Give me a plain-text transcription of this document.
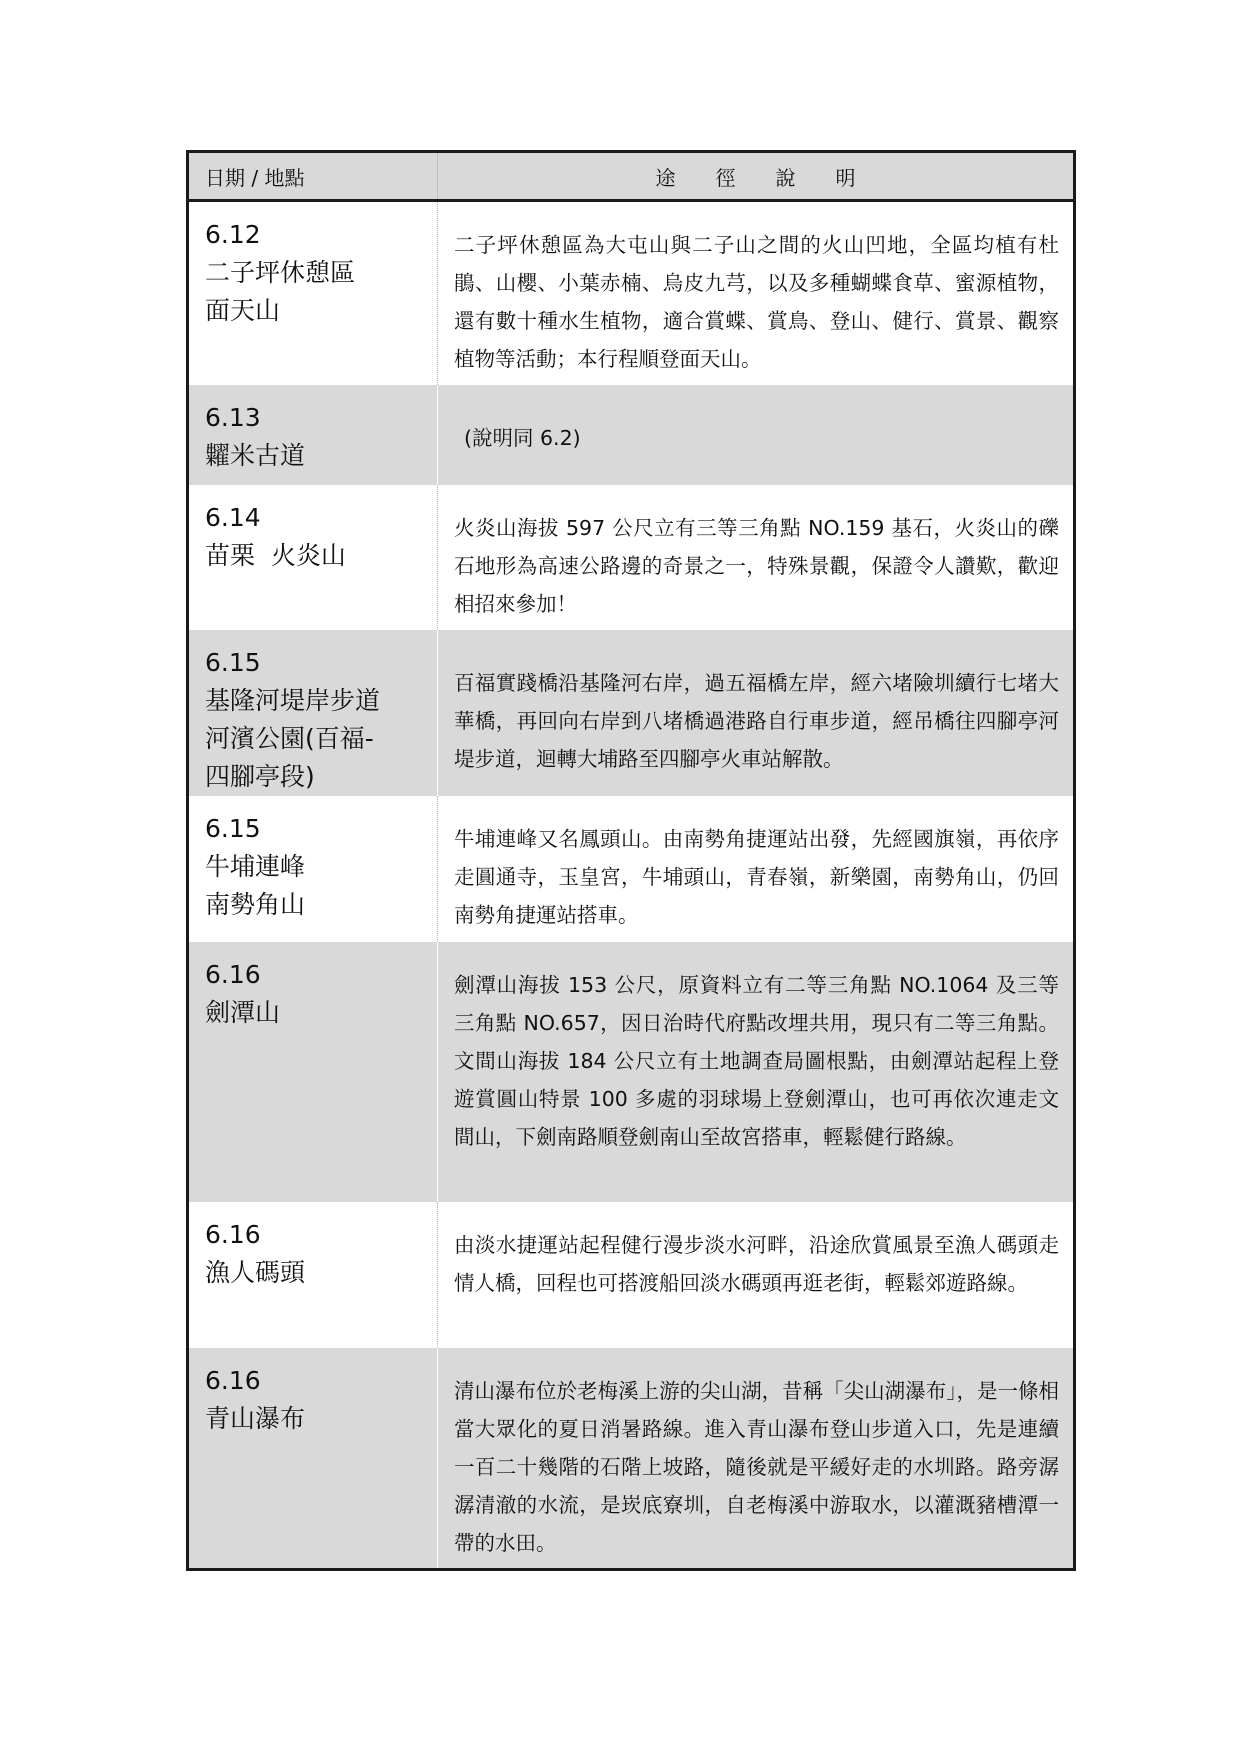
日期 / 地點	途徑說明

6.12
二子坪休憩區
面天山	二子坪休憩區為大屯山與二子山之間的火山凹地，全區均植有杜鵑、山櫻、小葉赤楠、烏皮九芎，以及多種蝴蝶食草、蜜源植物，還有數十種水生植物，適合賞蝶、賞鳥、登山、健行、賞景、觀察植物等活動；本行程順登面天山。

6.13
糶米古道	(說明同 6.2)

6.14
苗栗  火炎山	火炎山海拔 597 公尺立有三等三角點 NO.159 基石，火炎山的礫石地形為高速公路邊的奇景之一，特殊景觀，保證令人讚歎，歡迎相招來參加！

6.15
基隆河堤岸步道
河濱公園(百福-
四腳亭段)	百福實踐橋沿基隆河右岸，過五福橋左岸，經六堵險圳續行七堵大華橋，再回向右岸到八堵橋過港路自行車步道，經吊橋往四腳亭河堤步道，迴轉大埔路至四腳亭火車站解散。

6.15
牛埔連峰
南勢角山	牛埔連峰又名鳳頭山。由南勢角捷運站出發，先經國旗嶺，再依序走圓通寺，玉皇宮，牛埔頭山，青春嶺，新樂園，南勢角山，仍回南勢角捷運站搭車。

6.16
劍潭山	劍潭山海拔 153 公尺，原資料立有二等三角點 NO.1064 及三等三角點 NO.657，因日治時代府點改埋共用，現只有二等三角點。文間山海拔 184 公尺立有土地調查局圖根點，由劍潭站起程上登遊賞圓山特景 100 多處的羽球場上登劍潭山，也可再依次連走文間山，下劍南路順登劍南山至故宮搭車，輕鬆健行路線。

6.16
漁人碼頭	由淡水捷運站起程健行漫步淡水河畔，沿途欣賞風景至漁人碼頭走情人橋，回程也可搭渡船回淡水碼頭再逛老街，輕鬆郊遊路線。

6.16
青山瀑布	清山瀑布位於老梅溪上游的尖山湖，昔稱「尖山湖瀑布」，是一條相當大眾化的夏日消暑路線。進入青山瀑布登山步道入口，先是連續一百二十幾階的石階上坡路，隨後就是平緩好走的水圳路。路旁潺潺清澈的水流，是崁底寮圳，自老梅溪中游取水，以灌溉豬槽潭一帶的水田。
